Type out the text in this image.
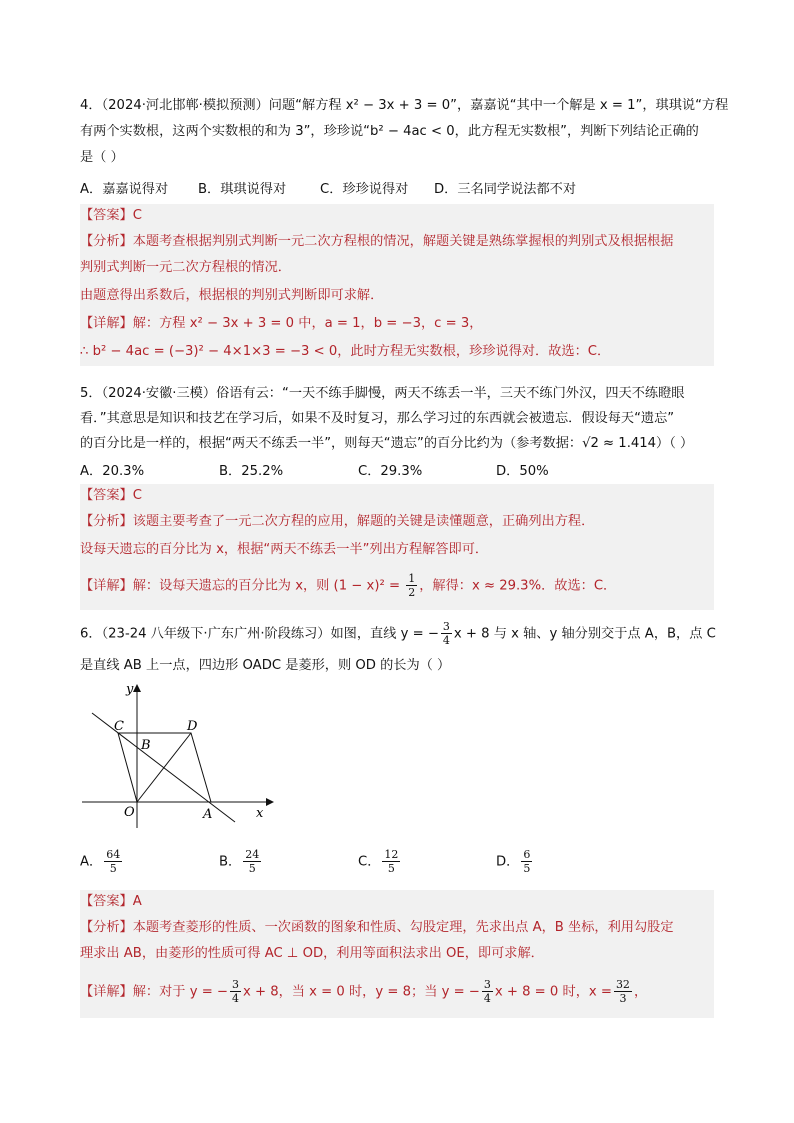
4．（2024·河北邯郸·模拟预测）问题“解方程 x² − 3x + 3 = 0”，嘉嘉说“其中一个解是 x = 1”，琪琪说“方程
有两个实数根，这两个实数根的和为 3”，珍珍说“b² − 4ac < 0，此方程无实数根”，判断下列结论正确的
是（ ）
A．嘉嘉说得对 B．琪琪说得对	C．珍珍说得对 D．三名同学说法都不对
【答案】C
【分析】本题考查根据判别式判断一元二次方程根的情况，解题关键是熟练掌握根的判别式及根据根据
判别式判断一元二次方程根的情况．
由题意得出系数后，根据根的判别式判断即可求解．
【详解】解：方程 x² − 3x + 3 = 0 中，a = 1，b = −3，c = 3，
∴ b² − 4ac = (−3)² − 4×1×3 = −3 < 0，此时方程无实数根，珍珍说得对．故选：C．
5．（2024·安徽·三模）俗语有云：“一天不练手脚慢，两天不练丢一半，三天不练门外汉，四天不练瞪眼
看．”其意思是知识和技艺在学习后，如果不及时复习，那么学习过的东西就会被遗忘．假设每天“遗忘”
的百分比是一样的，根据“两天不练丢一半”，则每天“遗忘”的百分比约为（参考数据：√2 ≈ 1.414）（ ）
A．20.3%	B．25.2%	C．29.3%	D．50%
【答案】C
【分析】该题主要考查了一元二次方程的应用，解题的关键是读懂题意，正确列出方程．
设每天遗忘的百分比为 x，根据“两天不练丢一半”列出方程解答即可．
【详解】解：设每天遗忘的百分比为 x，则 $(1 - x)^2 = \frac{1}{2}$ ，解得：x ≈ 29.3%．故选：C．
6．（23-24 八年级下·广东广州·阶段练习）如图，直线 y = − $\frac{3}{4}$ x + 8 与 x 轴、y 轴分别交于点 A，B，点 C
是直线 AB 上一点，四边形 OADC 是菱形，则 OD 的长为（ ）
y
x
C	D
B
O	A
A． $\frac{64}{5}$	B． $\frac{24}{5}$	C． $\frac{12}{5}$	D． $\frac{6}{5}$
【答案】A
【分析】本题考查菱形的性质、一次函数的图象和性质、勾股定理，先求出点 A，B 坐标，利用勾股定
理求出 AB，由菱形的性质可得 AC ⊥ OD，利用等面积法求出 OE，即可求解．
【详解】解：对于 y = − $\frac{3}{4}$ x + 8，当 x = 0 时，y = 8；当 y = − $\frac{3}{4}$ x + 8 = 0 时，$x = \frac{32}{3}$ ，
